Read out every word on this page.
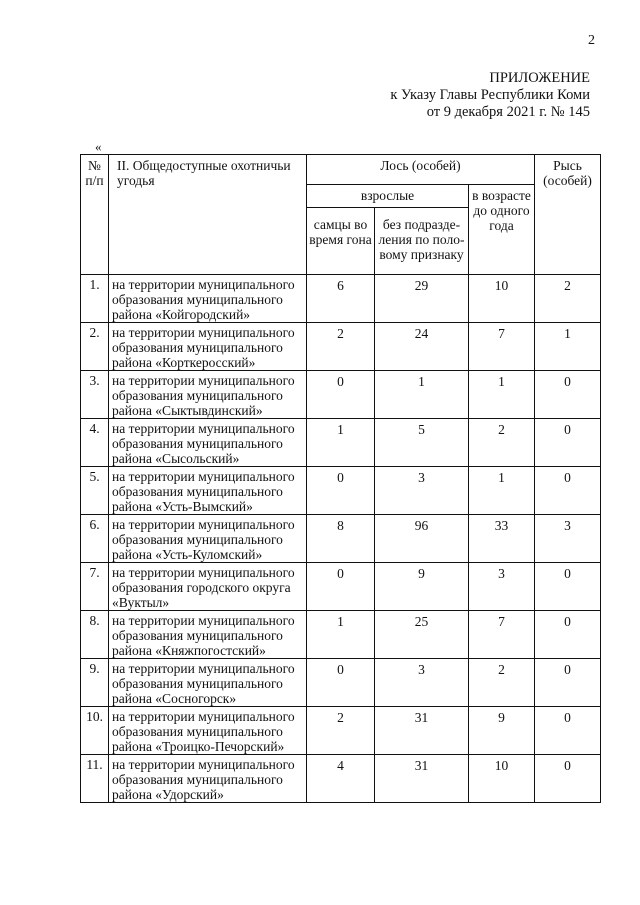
2
ПРИЛОЖЕНИЕ
к Указу Главы Республики Коми
от 9 декабря 2021 г. № 145
«
№ п/п	II. Общедоступные охотничьи угодья	Лось (особей)			Рысь (особей)
		взрослые		в возрасте до одного года	
		самцы во время гона	без подразде-ления по поло-вому признаку		
1.	на территории муниципального образования муниципального района «Койгородский»	6	29	10	2
2.	на территории муниципального образования муниципального района «Корткеросский»	2	24	7	1
3.	на территории муниципального образования муниципального района «Сыктывдинский»	0	1	1	0
4.	на территории муниципального образования муниципального района «Сысольский»	1	5	2	0
5.	на территории муниципального образования муниципального района «Усть-Вымский»	0	3	1	0
6.	на территории муниципального образования муниципального района «Усть-Куломский»	8	96	33	3
7.	на территории муниципального образования городского округа «Вуктыл»	0	9	3	0
8.	на территории муниципального образования муниципального района «Княжпогостский»	1	25	7	0
9.	на территории муниципального образования муниципального района «Сосногорск»	0	3	2	0
10.	на территории муниципального образования муниципального района «Троицко-Печорский»	2	31	9	0
11.	на территории муниципального образования муниципального района «Удорский»	4	31	10	0
